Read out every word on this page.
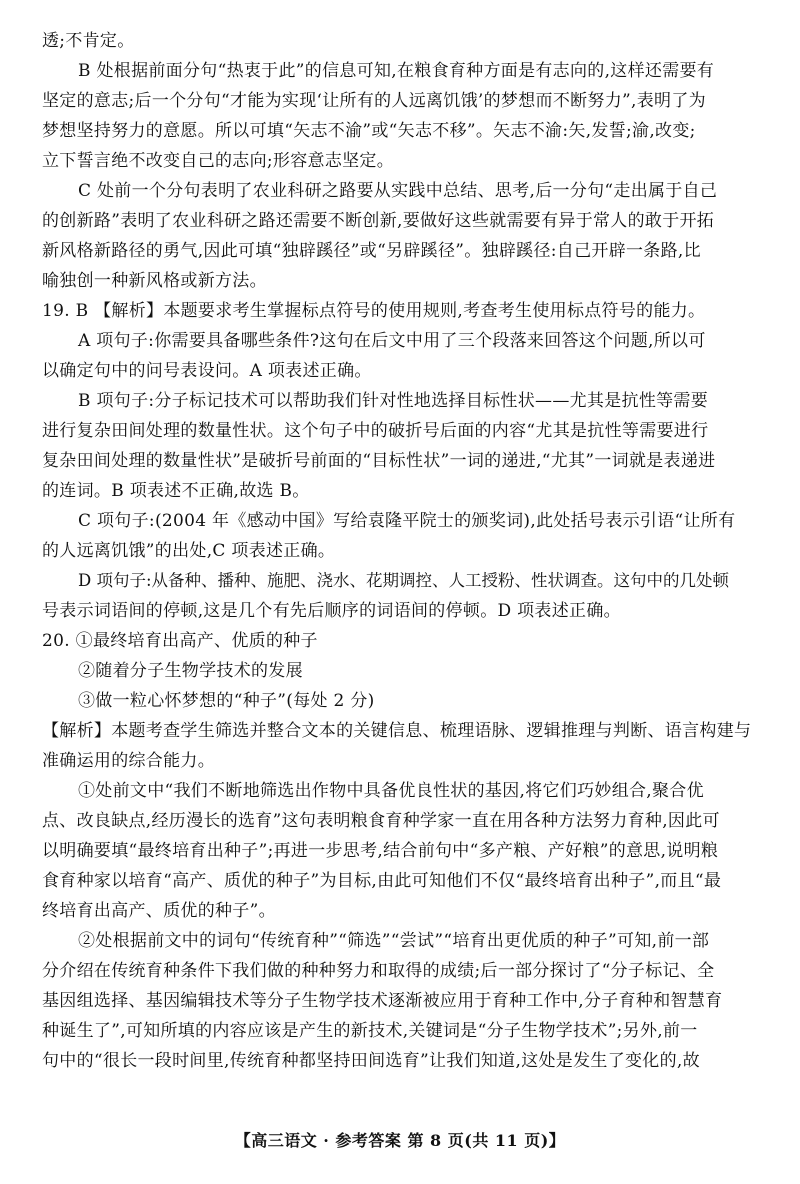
透;不肯定。

B 处根据前面分句“热衷于此”的信息可知,在粮食育种方面是有志向的,这样还需要有

坚定的意志;后一个分句“才能为实现‘让所有的人远离饥饿’的梦想而不断努力”,表明了为

梦想坚持努力的意愿。所以可填“矢志不渝”或“矢志不移”。矢志不渝:矢,发誓;渝,改变;

立下誓言绝不改变自己的志向;形容意志坚定。

C 处前一个分句表明了农业科研之路要从实践中总结、思考,后一分句“走出属于自己

的创新路”表明了农业科研之路还需要不断创新,要做好这些就需要有异于常人的敢于开拓

新风格新路径的勇气,因此可填“独辟蹊径”或“另辟蹊径”。独辟蹊径:自己开辟一条路,比

喻独创一种新风格或新方法。

19. B 【解析】本题要求考生掌握标点符号的使用规则,考查考生使用标点符号的能力。

A 项句子:你需要具备哪些条件?这句在后文中用了三个段落来回答这个问题,所以可

以确定句中的问号表设问。A 项表述正确。

B 项句子:分子标记技术可以帮助我们针对性地选择目标性状——尤其是抗性等需要

进行复杂田间处理的数量性状。这个句子中的破折号后面的内容“尤其是抗性等需要进行

复杂田间处理的数量性状”是破折号前面的“目标性状”一词的递进,“尤其”一词就是表递进

的连词。B 项表述不正确,故选 B。

C 项句子:(2004 年《感动中国》写给袁隆平院士的颁奖词),此处括号表示引语“让所有

的人远离饥饿”的出处,C 项表述正确。

D 项句子:从备种、播种、施肥、浇水、花期调控、人工授粉、性状调查。这句中的几处顿

号表示词语间的停顿,这是几个有先后顺序的词语间的停顿。D 项表述正确。

20. ①最终培育出高产、优质的种子

②随着分子生物学技术的发展

③做一粒心怀梦想的“种子”(每处 2 分)

【解析】本题考查学生筛选并整合文本的关键信息、梳理语脉、逻辑推理与判断、语言构建与

准确运用的综合能力。

①处前文中“我们不断地筛选出作物中具备优良性状的基因,将它们巧妙组合,聚合优

点、改良缺点,经历漫长的选育”这句表明粮食育种学家一直在用各种方法努力育种,因此可

以明确要填“最终培育出种子”;再进一步思考,结合前句中“多产粮、产好粮”的意思,说明粮

食育种家以培育“高产、质优的种子”为目标,由此可知他们不仅“最终培育出种子”,而且“最

终培育出高产、质优的种子”。

②处根据前文中的词句“传统育种”“筛选”“尝试”“培育出更优质的种子”可知,前一部

分介绍在传统育种条件下我们做的种种努力和取得的成绩;后一部分探讨了“分子标记、全

基因组选择、基因编辑技术等分子生物学技术逐渐被应用于育种工作中,分子育种和智慧育

种诞生了”,可知所填的内容应该是产生的新技术,关键词是“分子生物学技术”;另外,前一

句中的“很长一段时间里,传统育种都坚持田间选育”让我们知道,这处是发生了变化的,故

【高三语文 · 参考答案 第 8 页(共 11 页)】
